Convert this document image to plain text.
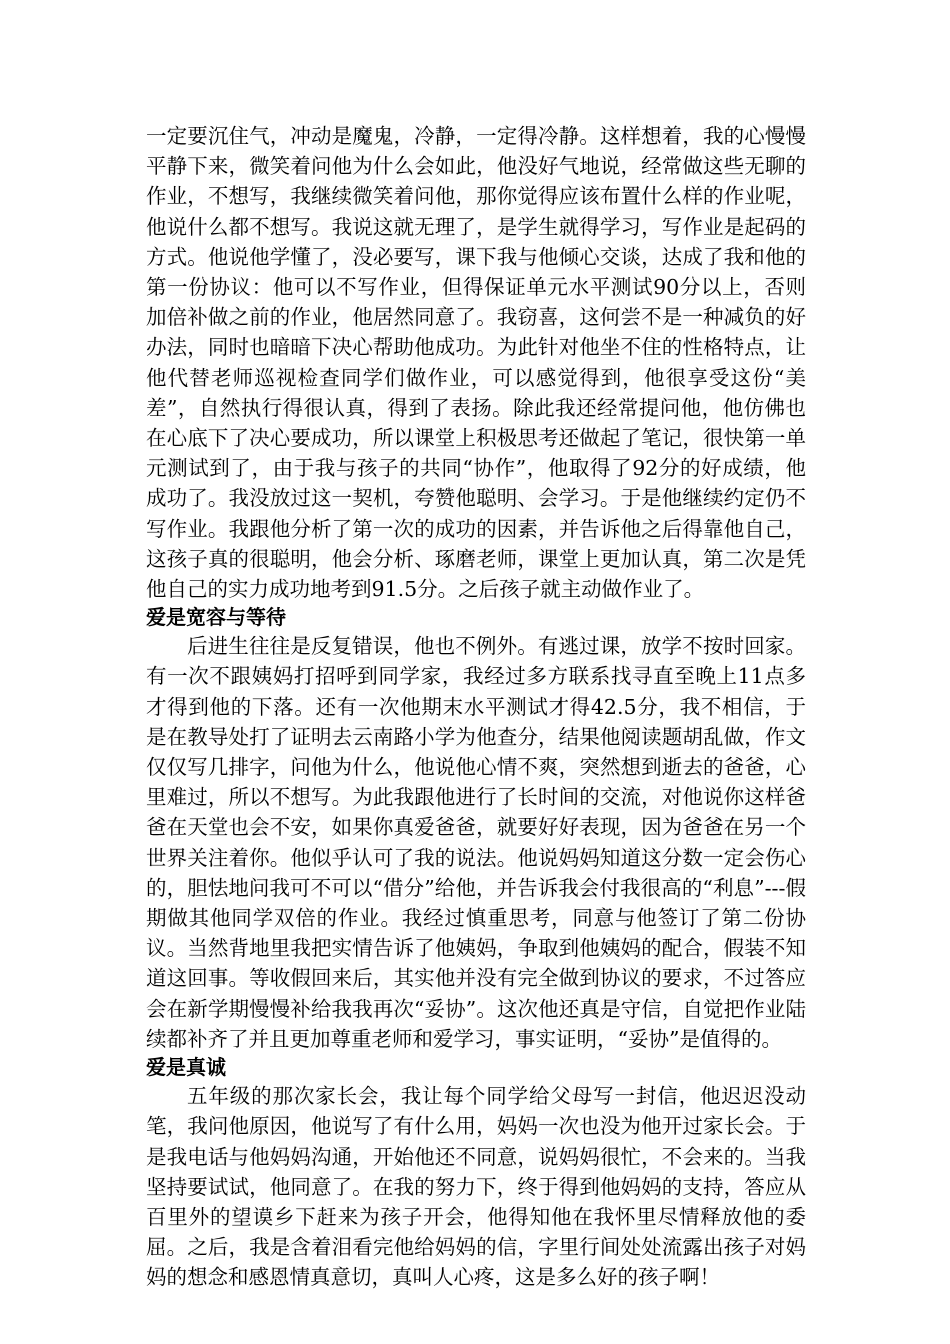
一定要沉住气，冲动是魔鬼，冷静，一定得冷静。这样想着，我的心慢慢平静下来，微笑着问他为什么会如此，他没好气地说，经常做这些无聊的作业，不想写，我继续微笑着问他，那你觉得应该布置什么样的作业呢，他说什么都不想写。我说这就无理了，是学生就得学习，写作业是起码的方式。他说他学懂了，没必要写，课下我与他倾心交谈，达成了我和他的第一份协议：他可以不写作业，但得保证单元水平测试90分以上，否则加倍补做之前的作业，他居然同意了。我窃喜，这何尝不是一种减负的好办法，同时也暗暗下决心帮助他成功。为此针对他坐不住的性格特点，让他代替老师巡视检查同学们做作业，可以感觉得到，他很享受这份“美差”，自然执行得很认真，得到了表扬。除此我还经常提问他，他仿佛也在心底下了决心要成功，所以课堂上积极思考还做起了笔记，很快第一单元测试到了，由于我与孩子的共同“协作”，他取得了92分的好成绩，他成功了。我没放过这一契机，夸赞他聪明、会学习。于是他继续约定仍不写作业。我跟他分析了第一次的成功的因素，并告诉他之后得靠他自己，这孩子真的很聪明，他会分析、琢磨老师，课堂上更加认真，第二次是凭他自己的实力成功地考到91.5分。之后孩子就主动做作业了。

爱是宽容与等待

后进生往往是反复错误，他也不例外。有逃过课，放学不按时回家。有一次不跟姨妈打招呼到同学家，我经过多方联系找寻直至晚上11点多才得到他的下落。还有一次他期末水平测试才得42.5分，我不相信，于是在教导处打了证明去云南路小学为他查分，结果他阅读题胡乱做，作文仅仅写几排字，问他为什么，他说他心情不爽，突然想到逝去的爸爸，心里难过，所以不想写。为此我跟他进行了长时间的交流，对他说你这样爸爸在天堂也会不安，如果你真爱爸爸，就要好好表现，因为爸爸在另一个世界关注着你。他似乎认可了我的说法。他说妈妈知道这分数一定会伤心的，胆怯地问我可不可以“借分”给他，并告诉我会付我很高的“利息”---假期做其他同学双倍的作业。我经过慎重思考，同意与他签订了第二份协议。当然背地里我把实情告诉了他姨妈，争取到他姨妈的配合，假装不知道这回事。等收假回来后，其实他并没有完全做到协议的要求，不过答应会在新学期慢慢补给我我再次“妥协”。这次他还真是守信，自觉把作业陆续都补齐了并且更加尊重老师和爱学习，事实证明，“妥协”是值得的。

爱是真诚

五年级的那次家长会，我让每个同学给父母写一封信，他迟迟没动笔，我问他原因，他说写了有什么用，妈妈一次也没为他开过家长会。于是我电话与他妈妈沟通，开始他还不同意，说妈妈很忙，不会来的。当我坚持要试试，他同意了。在我的努力下，终于得到他妈妈的支持，答应从百里外的望谟乡下赶来为孩子开会，他得知他在我怀里尽情释放他的委屈。之后，我是含着泪看完他给妈妈的信，字里行间处处流露出孩子对妈妈的想念和感恩情真意切，真叫人心疼，这是多么好的孩子啊！
